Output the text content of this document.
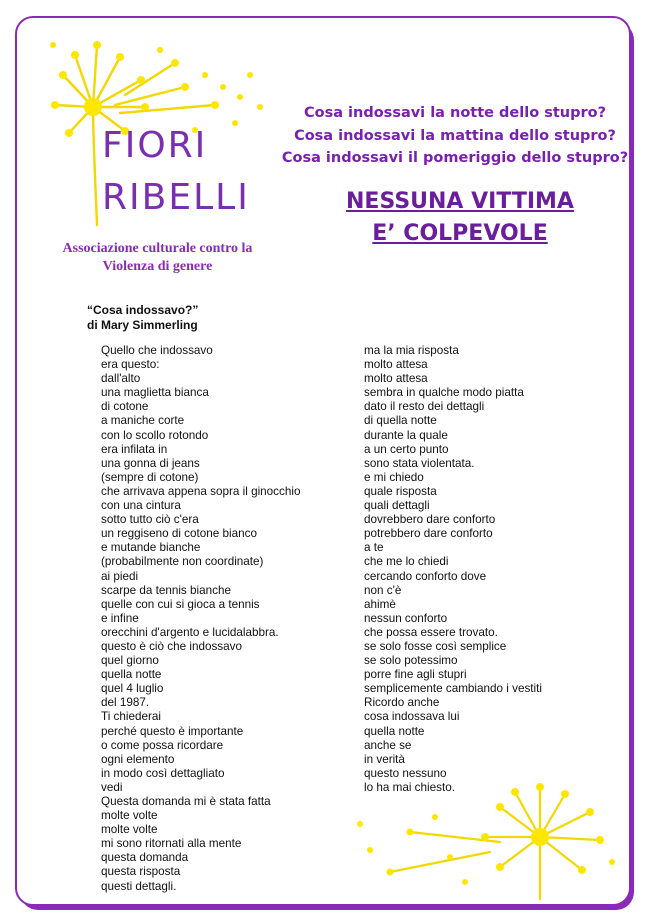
FIORI
RIBELLI
Associazione culturale contro la
Violenza di genere
Cosa indossavi la notte dello stupro?
Cosa indossavi la mattina dello stupro?
Cosa indossavi il pomeriggio dello stupro?
NESSUNA VITTIMA
E’ COLPEVOLE
“Cosa indossavo?”
di Mary Simmerling
Quello che indossavo
era questo:
dall'alto
una maglietta bianca
di cotone
a maniche corte
con lo scollo rotondo
era infilata in
una gonna di jeans
(sempre di cotone)
che arrivava appena sopra il ginocchio
con una cintura
sotto tutto ciò c'era
un reggiseno di cotone bianco
e mutande bianche
(probabilmente non coordinate)
ai piedi
scarpe da tennis bianche
quelle con cui si gioca a tennis
e infine
orecchini d'argento e lucidalabbra.
questo è ciò che indossavo
quel giorno
quella notte
quel 4 luglio
del 1987.
Ti chiederai
perché questo è importante
o come possa ricordare
ogni elemento
in modo così dettagliato
vedi
Questa domanda mi è stata fatta
molte volte
molte volte
mi sono ritornati alla mente
questa domanda
questa risposta
questi dettagli.
ma la mia risposta
molto attesa
molto attesa
sembra in qualche modo piatta
dato il resto dei dettagli
di quella notte
durante la quale
a un certo punto
sono stata violentata.
e mi chiedo
quale risposta
quali dettagli
dovrebbero dare conforto
potrebbero dare conforto
a te
che me lo chiedi
cercando conforto dove
non c'è
ahimè
nessun conforto
che possa essere trovato.
se solo fosse così semplice
se solo potessimo
porre fine agli stupri
semplicemente cambiando i vestiti
Ricordo anche
cosa indossava lui
quella notte
anche se
in verità
questo nessuno
lo ha mai chiesto.
